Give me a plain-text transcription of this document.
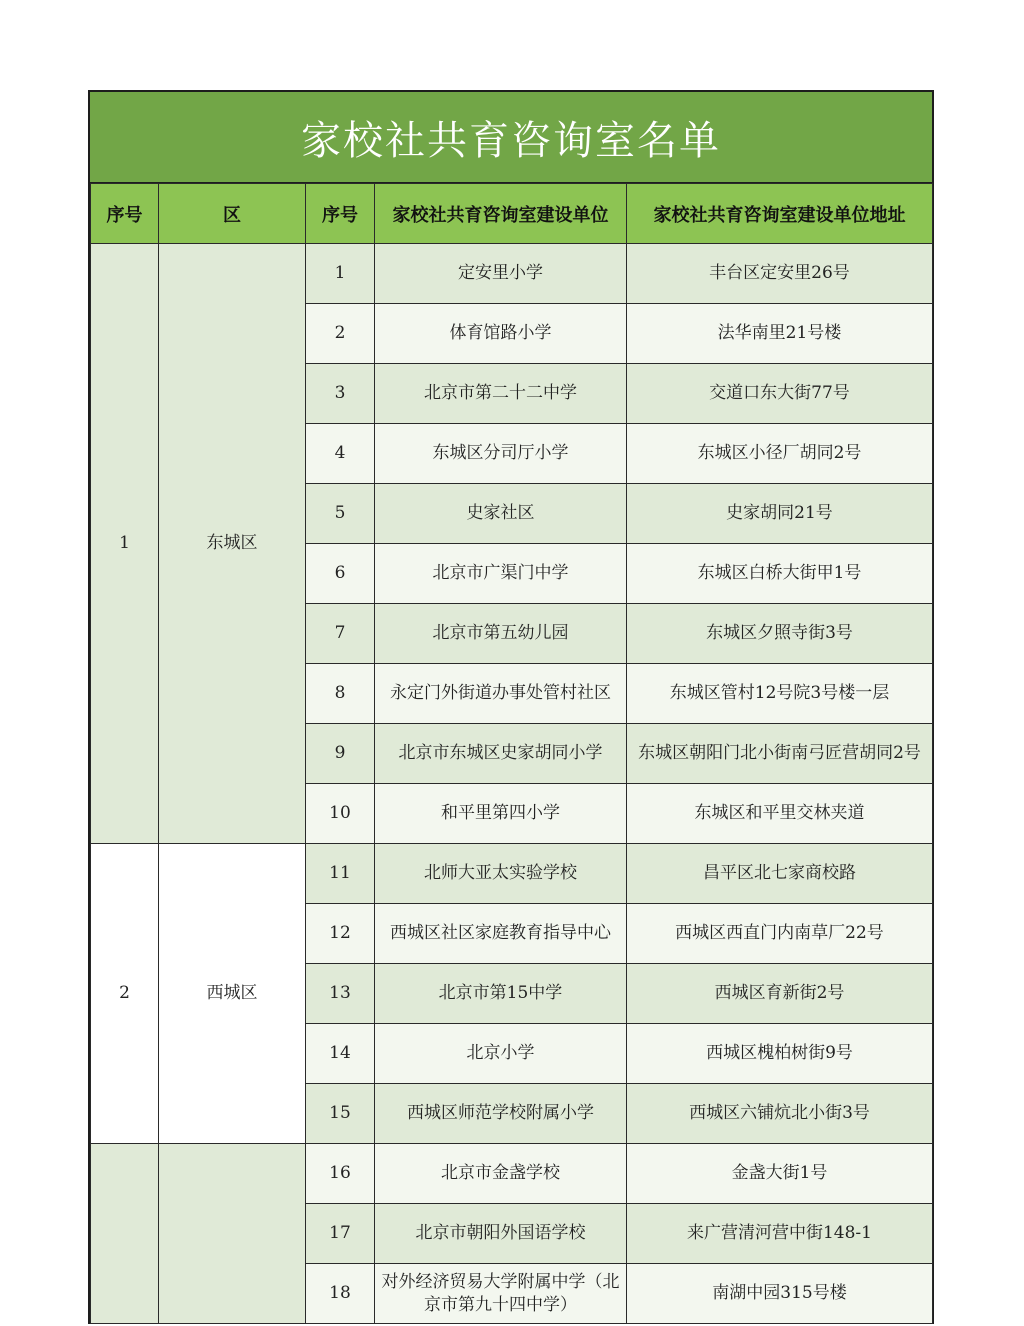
家校社共育咨询室名单
序号	区	序号	家校社共育咨询室建设单位	家校社共育咨询室建设单位地址
1	东城区	1	定安里小学	丰台区定安里26号
		2	体育馆路小学	法华南里21号楼
		3	北京市第二十二中学	交道口东大街77号
		4	东城区分司厅小学	东城区小径厂胡同2号
		5	史家社区	史家胡同21号
		6	北京市广渠门中学	东城区白桥大街甲1号
		7	北京市第五幼儿园	东城区夕照寺街3号
		8	永定门外街道办事处管村社区	东城区管村12号院3号楼一层
		9	北京市东城区史家胡同小学	东城区朝阳门北小街南弓匠营胡同2号
		10	和平里第四小学	东城区和平里交林夹道
2	西城区	11	北师大亚太实验学校	昌平区北七家商校路
		12	西城区社区家庭教育指导中心	西城区西直门内南草厂22号
		13	北京市第15中学	西城区育新街2号
		14	北京小学	西城区槐柏树街9号
		15	西城区师范学校附属小学	西城区六铺炕北小街3号
		16	北京市金盏学校	金盏大街1号
		17	北京市朝阳外国语学校	来广营清河营中街148-1
		18	对外经济贸易大学附属中学（北京市第九十四中学）	南湖中园315号楼
